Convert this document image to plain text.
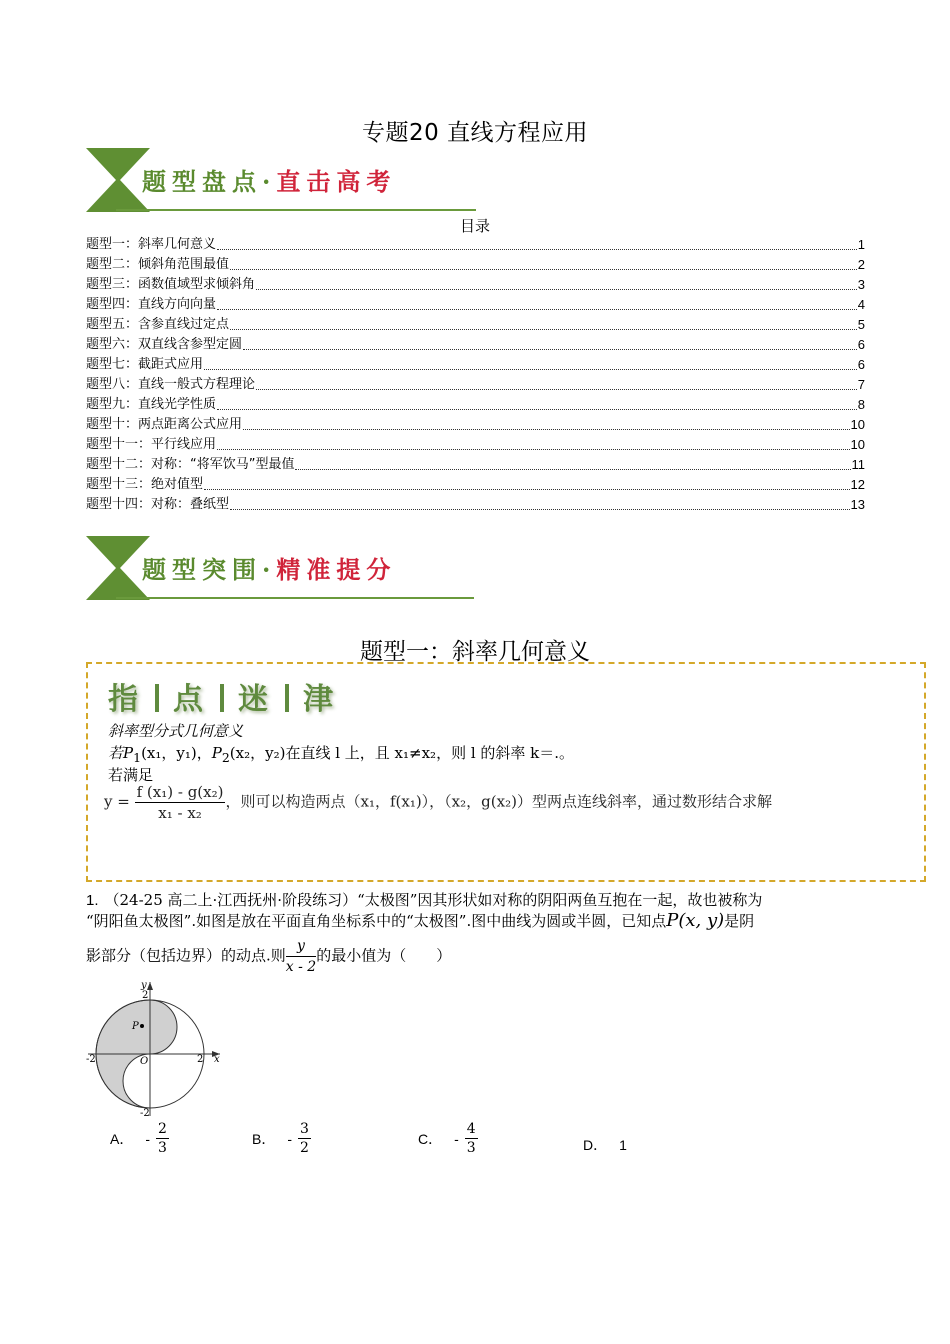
专题20 直线方程应用
题型盘点·直击高考
目录
题型一：斜率几何意义	1
题型二：倾斜角范围最值	2
题型三：函数值域型求倾斜角	3
题型四：直线方向向量	4
题型五：含参直线过定点	5
题型六：双直线含参型定圆	6
题型七：截距式应用	6
题型八：直线一般式方程理论	7
题型九：直线光学性质	8
题型十：两点距离公式应用	10
题型十一：平行线应用	10
题型十二：对称：“将军饮马”型最值	11
题型十三：绝对值型	12
题型十四：对称：叠纸型	13
题型突围·精准提分
题型一：斜率几何意义
指 点 迷 津
斜率型分式几何意义
若$P_1(x_1$，y₁)，$P_2(x_2$，y₂)在直线 l 上，且 x₁≠x₂，则 l 的斜率 k＝.。
若满足
$y = \frac{\text{f (x₁) - g(x₂)}}{\text{x₁ - x₂}}$ ，则可以构造两点（x₁，f(x₁)），（x₂，g(x₂)）型两点连线斜率，通过数形结合求解
1. （24-25 高二上·江西抚州·阶段练习）“太极图”因其形状如对称的阴阳两鱼互抱在一起，故也被称为
“阴阳鱼太极图”.如图是放在平面直角坐标系中的“太极图”.图中曲线为圆或半圆，已知点P(x, y)是阴
影部分（包括边界）的动点.则 $\frac{y}{x - 2}$ 的最小值为（　　）
x
y
O
P
2
-2
-2	2
A． - $\frac{2}{3}$	B． - $\frac{3}{2}$	C． - $\frac{4}{3}$	D． 1
